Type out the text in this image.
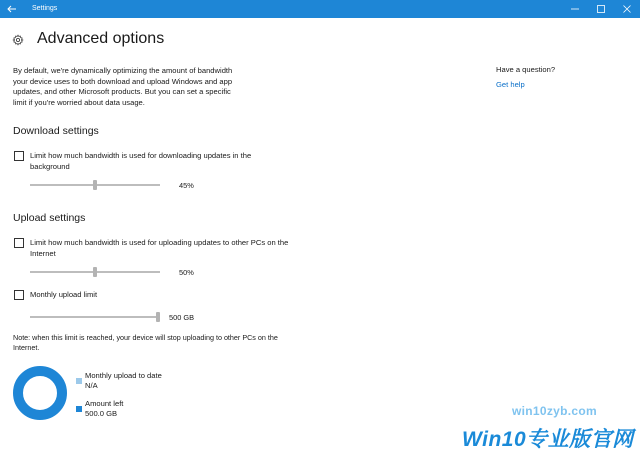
Settings
Advanced options
By default, we're dynamically optimizing the amount of bandwidth
your device uses to both download and upload Windows and app
updates, and other Microsoft products. But you can set a specific
limit if you're worried about data usage.
Have a question?
Get help
Download settings
Limit how much bandwidth is used for downloading updates in the
background
45%
Upload settings
Limit how much bandwidth is used for uploading updates to other PCs on the
Internet
50%
Monthly upload limit
500 GB
Note: when this limit is reached, your device will stop uploading to other PCs on the
Internet.
Monthly upload to date
N/A
Amount left
500.0 GB	win10zyb.com
Win10专业版官网
